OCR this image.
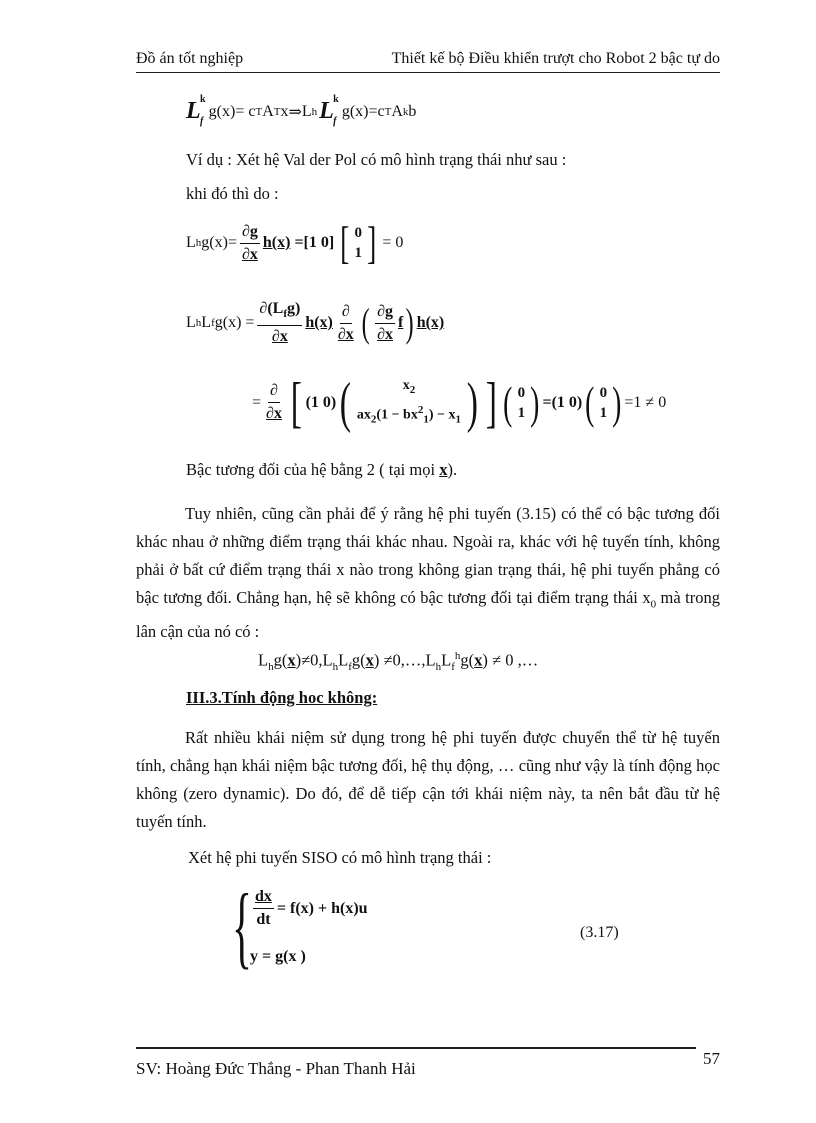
Đồ án tốt nghiệp	Thiết kế bộ Điều khiển trượt cho Robot 2 bậc tự do
L k
f
g(x)= c T A T x ⇒ L h L k
f
g(x)=c T A k b
Ví dụ : Xét hệ Val der Pol có mô hình trạng thái như sau :
khi đó thì do :
L h $g(x)= \frac{\partial g}{\partial x} h(x) =[1$ 0] [ 0
1 ] = 0
L h L f $g(x) = \frac{\partial(L_fg)}{\partial x} h(x) \frac{\partial}{\partial x}$ ( $\frac{\partial g}{\partial x}$ f ) h(x)
= $\frac{\partial}{\partial x}$ [ (1 0) (	$x_2$
$ax_2(1 - bx^2_1) - x_1$ ) ] ( 0
1 ) =(1 0) ( 0
1 ) =1 ≠ 0
Bậc tương đối của hệ bằng 2 ( tại mọi x).
Tuy nhiên, cũng cần phải để ý rằng hệ phi tuyến (3.15) có thể có bậc tương đối khác nhau ở những điểm trạng thái khác nhau. Ngoài ra, khác với hệ tuyến tính, không phải ở bất cứ điểm trạng thái x nào trong không gian trạng thái, hệ phi tuyến phẳng có bậc tương đối. Chẳng hạn, hệ sẽ không có bậc tương đối tại điểm trạng thái $x_0$ mà trong lân cận của nó có :
$L_hg(x)\ne 0,L_hL_fg(x)$ $\ne 0,\dots,L_hL_f^hg(x) \ne 0$ ,…
III.3.Tính động hoc không:
Rất nhiều khái niệm sử dụng trong hệ phi tuyến được chuyển thể từ hệ tuyến tính, chẳng hạn khái niệm bậc tương đối, hệ thụ động, … cũng như vậy là tính động học không (zero dynamic). Do đó, để dễ tiếp cận tới khái niệm này, ta nên bắt đầu từ hệ tuyến tính.
Xét hệ phi tuyến SISO có mô hình trạng thái :
{ $\frac{dx}{dt} = f(x) + h(x)u$
y = g(x )
(3.17)
SV: Hoàng Đức Thắng - Phan Thanh Hải
57
